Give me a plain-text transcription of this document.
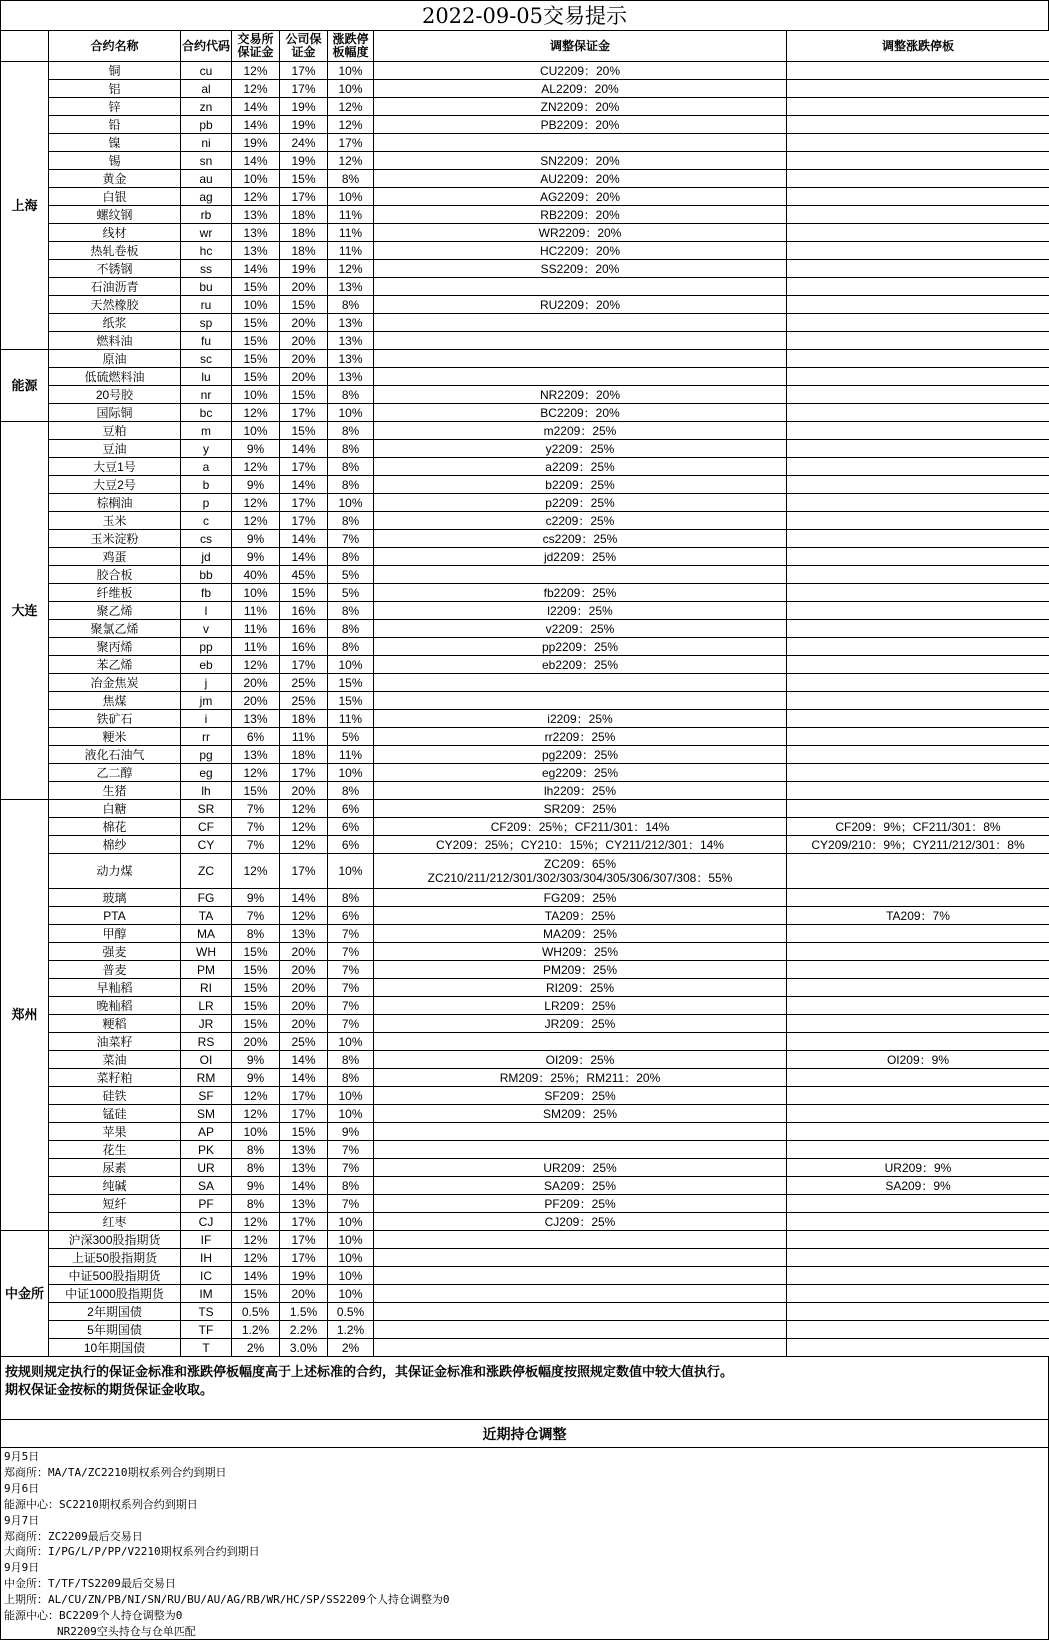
2022-09-05交易提示
	合约名称	合约代码	交易所保证金	公司保证金	涨跌停板幅度	调整保证金	调整涨跌停板
上海	铜	cu	12%	17%	10%	CU2209：20%	
	铝	al	12%	17%	10%	AL2209：20%	
	锌	zn	14%	19%	12%	ZN2209：20%	
	铅	pb	14%	19%	12%	PB2209：20%	
	镍	ni	19%	24%	17%		
	锡	sn	14%	19%	12%	SN2209：20%	
	黄金	au	10%	15%	8%	AU2209：20%	
	白银	ag	12%	17%	10%	AG2209：20%	
	螺纹钢	rb	13%	18%	11%	RB2209：20%	
	线材	wr	13%	18%	11%	WR2209：20%	
	热轧卷板	hc	13%	18%	11%	HC2209：20%	
	不锈钢	ss	14%	19%	12%	SS2209：20%	
	石油沥青	bu	15%	20%	13%		
	天然橡胶	ru	10%	15%	8%	RU2209：20%	
	纸浆	sp	15%	20%	13%		
	燃料油	fu	15%	20%	13%		
能源	原油	sc	15%	20%	13%		
	低硫燃料油	lu	15%	20%	13%		
	20号胶	nr	10%	15%	8%	NR2209：20%	
	国际铜	bc	12%	17%	10%	BC2209：20%	
大连	豆粕	m	10%	15%	8%	m2209：25%	
	豆油	y	9%	14%	8%	y2209：25%	
	大豆1号	a	12%	17%	8%	a2209：25%	
	大豆2号	b	9%	14%	8%	b2209：25%	
	棕榈油	p	12%	17%	10%	p2209：25%	
	玉米	c	12%	17%	8%	c2209：25%	
	玉米淀粉	cs	9%	14%	7%	cs2209：25%	
	鸡蛋	jd	9%	14%	8%	jd2209：25%	
	胶合板	bb	40%	45%	5%		
	纤维板	fb	10%	15%	5%	fb2209：25%	
	聚乙烯	l	11%	16%	8%	l2209：25%	
	聚氯乙烯	v	11%	16%	8%	v2209：25%	
	聚丙烯	pp	11%	16%	8%	pp2209：25%	
	苯乙烯	eb	12%	17%	10%	eb2209：25%	
	冶金焦炭	j	20%	25%	15%		
	焦煤	jm	20%	25%	15%		
	铁矿石	i	13%	18%	11%	i2209：25%	
	粳米	rr	6%	11%	5%	rr2209：25%	
	液化石油气	pg	13%	18%	11%	pg2209：25%	
	乙二醇	eg	12%	17%	10%	eg2209：25%	
	生猪	lh	15%	20%	8%	lh2209：25%	
郑州	白糖	SR	7%	12%	6%	SR209：25%	
	棉花	CF	7%	12%	6%	CF209：25%；CF211/301：14%	CF209：9%；CF211/301：8%
	棉纱	CY	7%	12%	6%	CY209：25%；CY210：15%；CY211/212/301：14%	CY209/210：9%；CY211/212/301：8%
	动力煤	ZC	12%	17%	10%	ZC209：65%
ZC210/211/212/301/302/303/304/305/306/307/308：55%	

	玻璃	FG	9%	14%	8%	FG209：25%	
	PTA	TA	7%	12%	6%	TA209：25%	TA209：7%
	甲醇	MA	8%	13%	7%	MA209：25%	
	强麦	WH	15%	20%	7%	WH209：25%	
	普麦	PM	15%	20%	7%	PM209：25%	
	早籼稻	RI	15%	20%	7%	RI209：25%	
	晚籼稻	LR	15%	20%	7%	LR209：25%	
	粳稻	JR	15%	20%	7%	JR209：25%	
	油菜籽	RS	20%	25%	10%		
	菜油	OI	9%	14%	8%	OI209：25%	OI209：9%
	菜籽粕	RM	9%	14%	8%	RM209：25%；RM211：20%	
	硅铁	SF	12%	17%	10%	SF209：25%	
	锰硅	SM	12%	17%	10%	SM209：25%	
	苹果	AP	10%	15%	9%		
	花生	PK	8%	13%	7%		
	尿素	UR	8%	13%	7%	UR209：25%	UR209：9%
	纯碱	SA	9%	14%	8%	SA209：25%	SA209：9%
	短纤	PF	8%	13%	7%	PF209：25%	
	红枣	CJ	12%	17%	10%	CJ209：25%	
中金所	沪深300股指期货	IF	12%	17%	10%		
	上证50股指期货	IH	12%	17%	10%		
	中证500股指期货	IC	14%	19%	10%		
	中证1000股指期货	IM	15%	20%	10%		
	2年期国债	TS	0.5%	1.5%	0.5%		
	5年期国债	TF	1.2%	2.2%	1.2%		
	10年期国债	T	2%	3.0%	2%		
按规则规定执行的保证金标准和涨跌停板幅度高于上述标准的合约，其保证金标准和涨跌停板幅度按照规定数值中较大值执行。
期权保证金按标的期货保证金收取。
近期持仓调整
9月5日
郑商所：MA/TA/ZC2210期权系列合约到期日
9月6日
能源中心：SC2210期权系列合约到期日
9月7日
郑商所：ZC2209最后交易日
大商所：I/PG/L/P/PP/V2210期权系列合约到期日
9月9日
中金所：T/TF/TS2209最后交易日
上期所：AL/CU/ZN/PB/NI/SN/RU/BU/AU/AG/RB/WR/HC/SP/SS2209个人持仓调整为0
能源中心：BC2209个人持仓调整为0
NR2209空头持仓与仓单匹配
